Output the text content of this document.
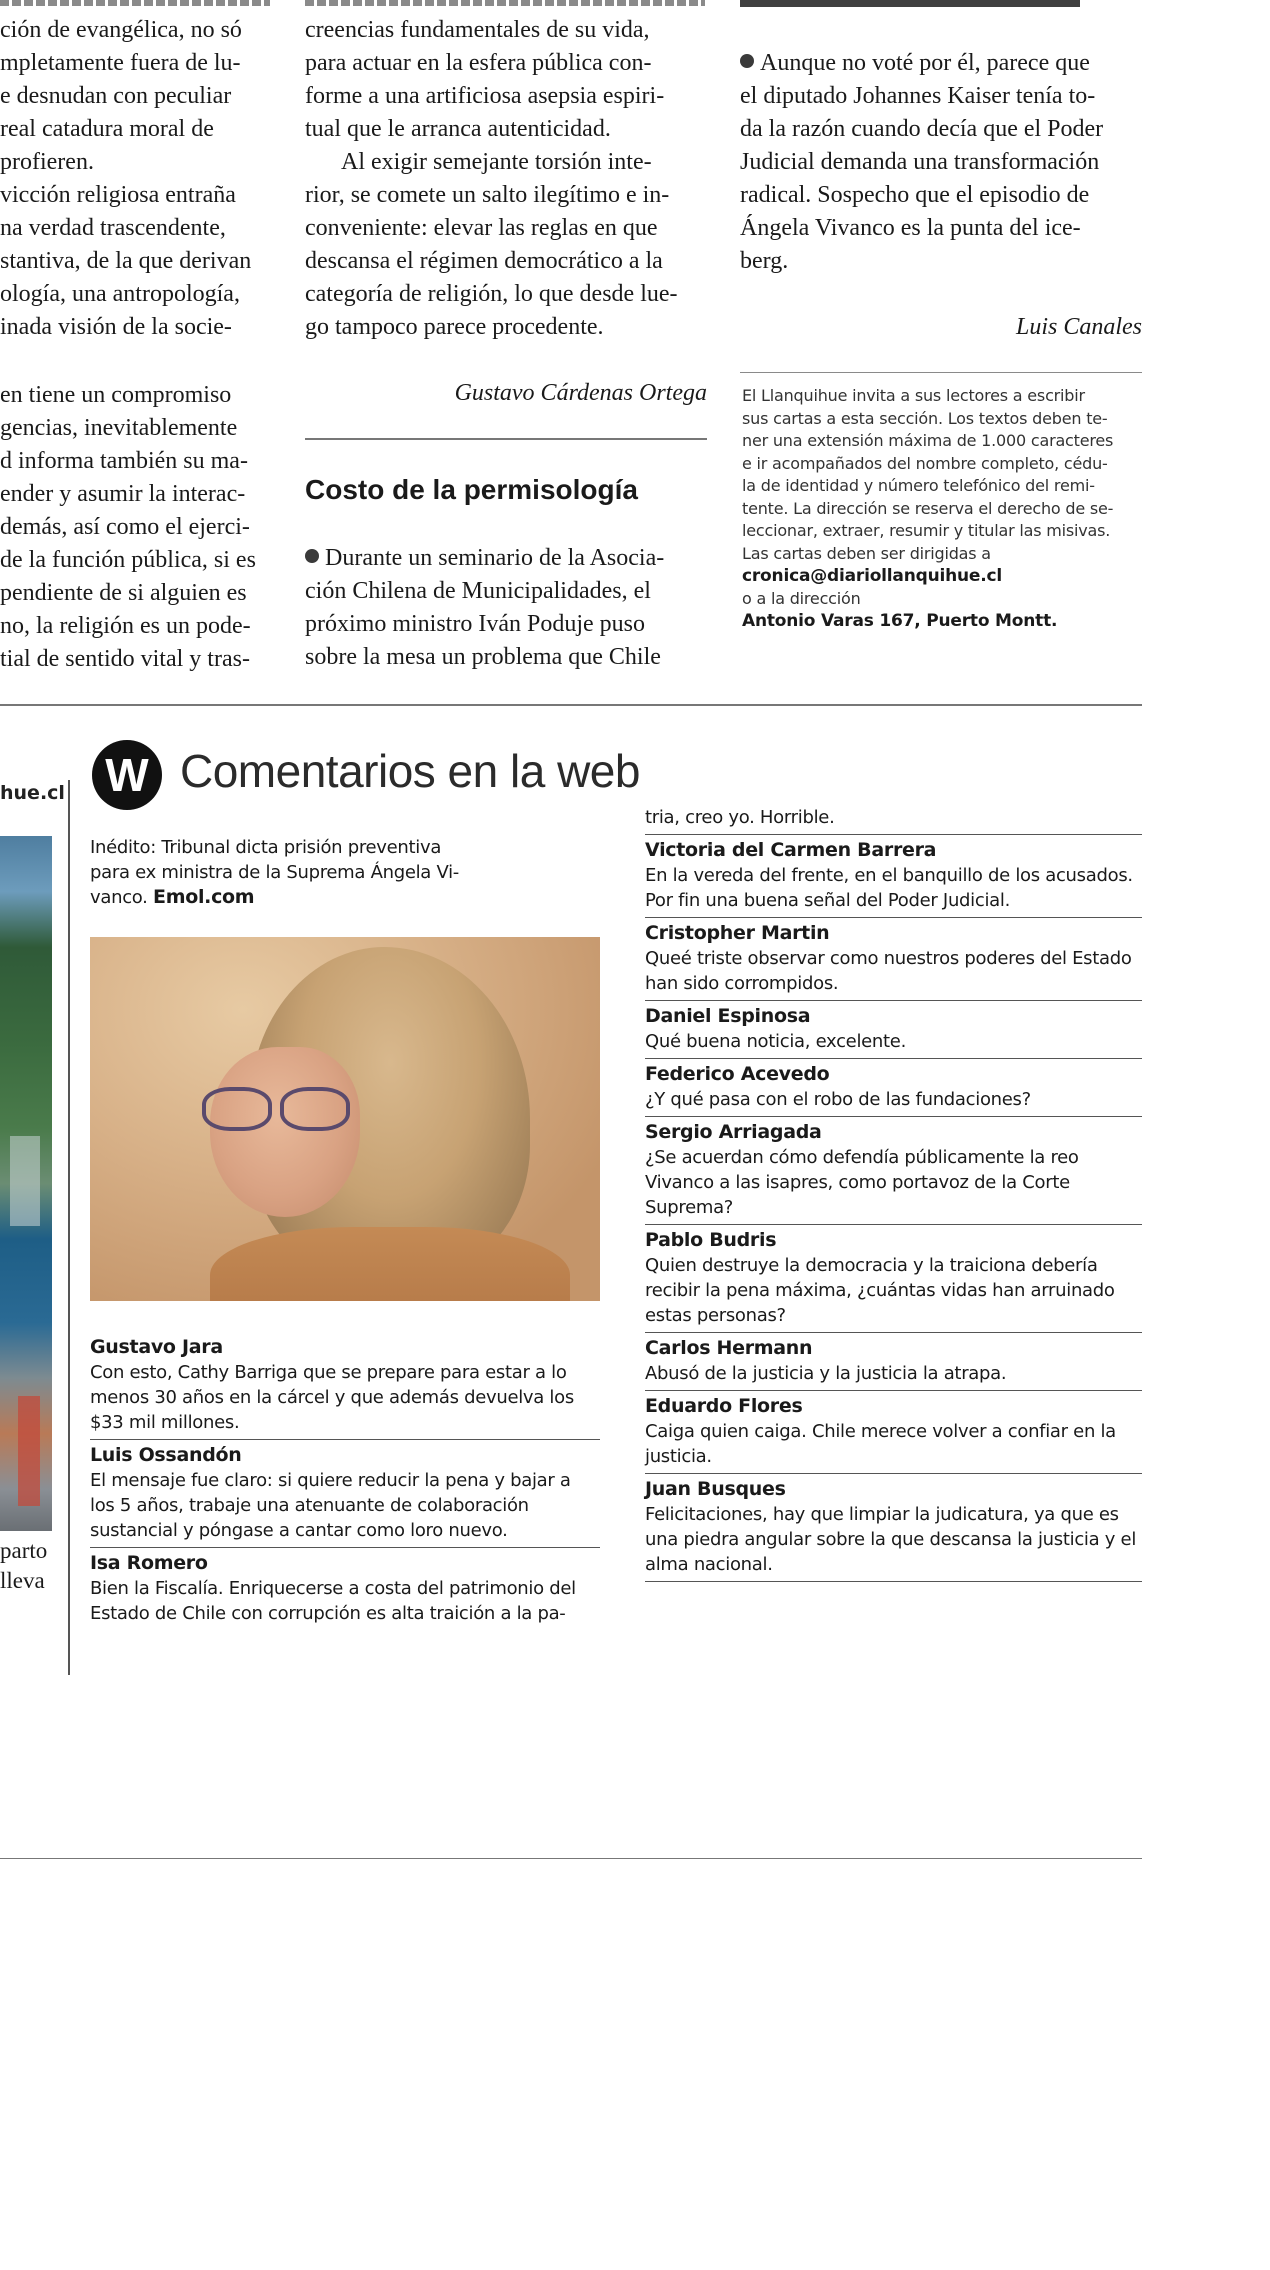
ción de evangélica, no só
mpletamente fuera de lu-
e desnudan con peculiar
real catadura moral de
profieren.
vicción religiosa entraña
na verdad trascendente,
stantiva, de la que derivan
ología, una antropología,
inada visión de la socie-
en tiene un compromiso
gencias, inevitablemente
d informa también su ma-
ender y asumir la interac-
demás, así como el ejerci-
de la función pública, si es
pendiente de si alguien es
no, la religión es un pode-
tial de sentido vital y tras-
creencias fundamentales de su vida,
para actuar en la esfera pública con-
forme a una artificiosa asepsia espiri-
tual que le arranca autenticidad.
Al exigir semejante torsión inte-
rior, se comete un salto ilegítimo e in-
conveniente: elevar las reglas en que
descansa el régimen democrático a la
categoría de religión, lo que desde lue-
go tampoco parece procedente.
Gustavo Cárdenas Ortega
Costo de la permisología
Durante un seminario de la Asocia-
ción Chilena de Municipalidades, el
próximo ministro Iván Poduje puso
sobre la mesa un problema que Chile
Aunque no voté por él, parece que
el diputado Johannes Kaiser tenía to-
da la razón cuando decía que el Poder
Judicial demanda una transformación
radical. Sospecho que el episodio de
Ángela Vivanco es la punta del ice-
berg.
Luis Canales
El Llanquihue invita a sus lectores a escribir
sus cartas a esta sección. Los textos deben te-
ner una extensión máxima de 1.000 caracteres
e ir acompañados del nombre completo, cédu-
la de identidad y número telefónico del remi-
tente. La dirección se reserva el derecho de se-
leccionar, extraer, resumir y titular las misivas.
Las cartas deben ser dirigidas a
cronica@diariollanquihue.cl
o a la dirección
Antonio Varas 167, Puerto Montt.
hue.cl
parto
lleva
W Comentarios en la web
Inédito: Tribunal dicta prisión preventiva
para ex ministra de la Suprema Ángela Vi-
vanco. Emol.com
Gustavo Jara
Con esto, Cathy Barriga que se prepare para estar a lo menos 30 años en la cárcel y que además devuelva los $33 mil millones.
Luis Ossandón
El mensaje fue claro: si quiere reducir la pena y bajar a los 5 años, trabaje una atenuante de colaboración sustancial y póngase a cantar como loro nuevo.
Isa Romero
Bien la Fiscalía. Enriquecerse a costa del patrimonio del Estado de Chile con corrupción es alta traición a la pa-
tria, creo yo. Horrible.
Victoria del Carmen Barrera
En la vereda del frente, en el banquillo de los acusados. Por fin una buena señal del Poder Judicial.
Cristopher Martin
Queé triste observar como nuestros poderes del Estado han sido corrompidos.
Daniel Espinosa
Qué buena noticia, excelente.
Federico Acevedo
¿Y qué pasa con el robo de las fundaciones?
Sergio Arriagada
¿Se acuerdan cómo defendía públicamente la reo Vivanco a las isapres, como portavoz de la Corte Suprema?
Pablo Budris
Quien destruye la democracia y la traiciona debería recibir la pena máxima, ¿cuántas vidas han arruinado estas personas?
Carlos Hermann
Abusó de la justicia y la justicia la atrapa.
Eduardo Flores
Caiga quien caiga. Chile merece volver a confiar en la justicia.
Juan Busques
Felicitaciones, hay que limpiar la judicatura, ya que es una piedra angular sobre la que descansa la justicia y el alma nacional.
